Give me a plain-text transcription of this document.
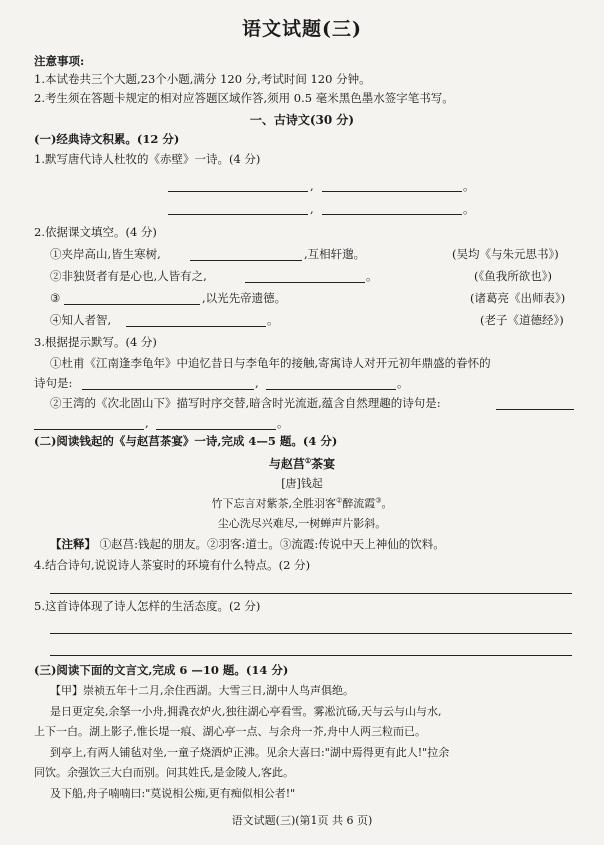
语文试题(三)
注意事项:
1.本试卷共三个大题,23个小题,满分 120 分,考试时间 120 分钟。
2.考生须在答题卡规定的相对应答题区域作答,须用 0.5 毫米黑色墨水签字笔书写。
一、古诗文(30 分)
(一)经典诗文积累。(12 分)
1.默写唐代诗人杜牧的《赤壁》一诗。(4 分)
,	。
,	。
2.依据课文填空。(4 分)
①夹岸高山,皆生寒树,	,互相轩邈。	(吴均《与朱元思书》)
②非独贤者有是心也,人皆有之,	。	(《鱼我所欲也》)
③	,以光先帝遗德。	(诸葛亮《出师表》)
④知人者智,	。	(老子《道德经》)
3.根据提示默写。(4 分)
①杜甫《江南逢李龟年》中追忆昔日与李龟年的接触,寄寓诗人对开元初年鼎盛的眷怀的
诗句是:	,	。
②王湾的《次北固山下》描写时序交替,暗含时光流逝,蕴含自然理趣的诗句是:
,	。
(二)阅读钱起的《与赵莒茶宴》一诗,完成 4—5 题。(4 分)
与赵莒①茶宴
[唐]钱起
竹下忘言对紫茶,全胜羽客②醉流霞③。
尘心洗尽兴难尽,一树蝉声片影斜。
【注释】 ①赵莒:钱起的朋友。②羽客:道士。③流霞:传说中天上神仙的饮料。
4.结合诗句,说说诗人茶宴时的环境有什么特点。(2 分)
5.这首诗体现了诗人怎样的生活态度。(2 分)
(三)阅读下面的文言文,完成 6 —10 题。(14 分)
【甲】崇祯五年十二月,余住西湖。大雪三日,湖中人鸟声俱绝。
是日更定矣,余拏一小舟,拥毳衣炉火,独往湖心亭看雪。雾凇沆砀,天与云与山与水,
上下一白。湖上影子,惟长堤一痕、湖心亭一点、与余舟一芥,舟中人两三粒而已。
到亭上,有两人铺毡对坐,一童子烧酒炉正沸。见余大喜曰:"湖中焉得更有此人!"拉余
同饮。余强饮三大白而别。问其姓氏,是金陵人,客此。
及下船,舟子喃喃曰:"莫说相公痴,更有痴似相公者!"
语文试题(三)(第1页 共 6 页)
